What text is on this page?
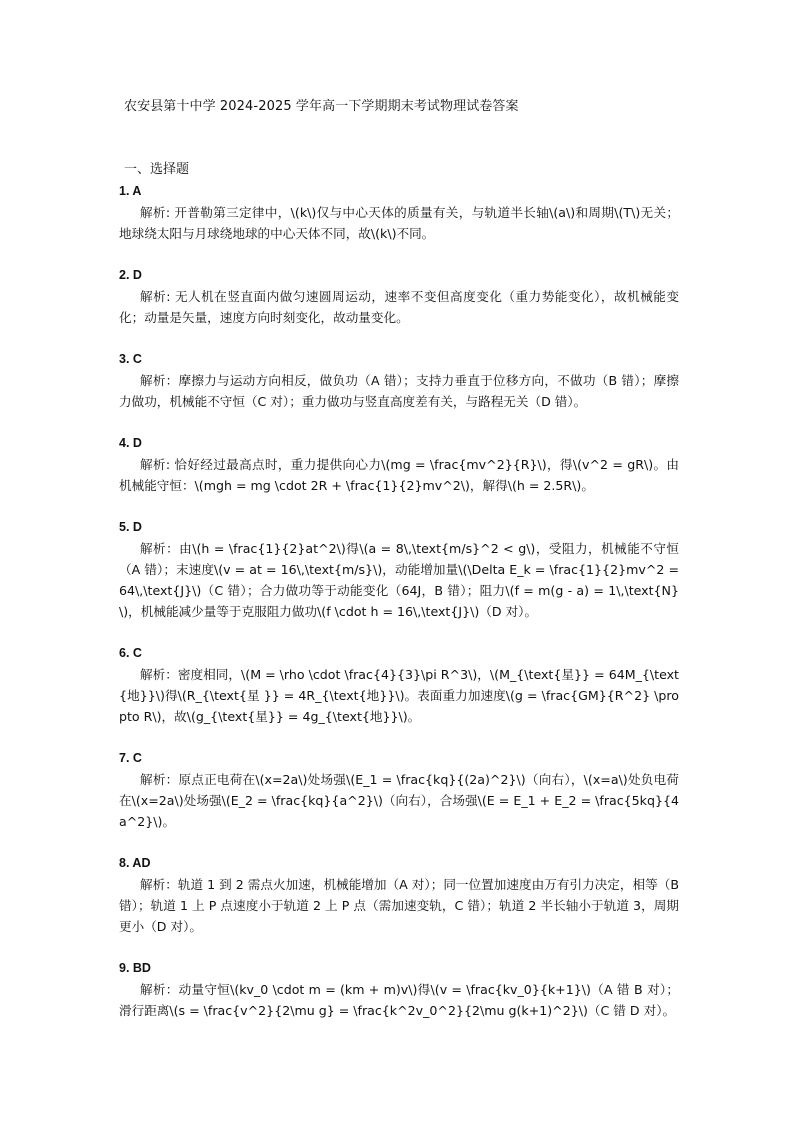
农安县第十中学 2024-2025 学年高一下学期期末考试物理试卷答案
一、选择题
1. A
解析: 开普勒第三定律中，\(k\)仅与中心天体的质量有关，与轨道半长轴\(a\)和周期\(T\)无关；地球绕太阳与月球绕地球的中心天体不同，故\(k\)不同。
2. D
解析: 无人机在竖直面内做匀速圆周运动，速率不变但高度变化（重力势能变化），故机械能变化；动量是矢量，速度方向时刻变化，故动量变化。
3. C
解析：摩擦力与运动方向相反，做负功（A 错）；支持力垂直于位移方向，不做功（B 错）；摩擦力做功，机械能不守恒（C 对）；重力做功与竖直高度差有关，与路程无关（D 错）。
4. D
解析: 恰好经过最高点时，重力提供向心力\(mg = \frac{mv^2}{R}\)，得\(v^2 = gR\)。由机械能守恒：\(mgh = mg \cdot 2R + \frac{1}{2}mv^2\)，解得\(h = 2.5R\)。
5. D
解析：由\(h = \frac{1}{2}at^2\)得\(a = 8\,\text{m/s}^2 < g\)，受阻力，机械能不守恒（A 错）；末速度\(v = at = 16\,\text{m/s}\)，动能增加量\(\Delta E_k = \frac{1}{2}mv^2 = 64\,\text{J}\)（C 错）；合力做功等于动能变化（64J，B 错）；阻力\(f = m(g - a) = 1\,\text{N}\)，机械能减少量等于克服阻力做功\(f \cdot h = 16\,\text{J}\)（D 对）。
6. C
解析：密度相同，\(M = \rho \cdot \frac{4}{3}\pi R^3\)，\(M_{\text{星}} = 64M_{\text{地}}\)得\(R_{\text{星 }} = 4R_{\text{地}}\)。表面重力加速度\(g = \frac{GM}{R^2} \propto R\)，故\(g_{\text{星}} = 4g_{\text{地}}\)。
7. C
解析：原点正电荷在\(x=2a\)处场强\(E_1 = \frac{kq}{(2a)^2}\)（向右），\(x=a\)处负电荷在\(x=2a\)处场强\(E_2 = \frac{kq}{a^2}\)（向右），合场强\(E = E_1 + E_2 = \frac{5kq}{4a^2}\)。
8. AD
解析：轨道 1 到 2 需点火加速，机械能增加（A 对）；同一位置加速度由万有引力决定，相等（B 错）；轨道 1 上 P 点速度小于轨道 2 上 P 点（需加速变轨，C 错）；轨道 2 半长轴小于轨道 3，周期更小（D 对）。
9. BD
解析：动量守恒\(kv_0 \cdot m = (km + m)v\)得\(v = \frac{kv_0}{k+1}\)（A 错 B 对）；滑行距离\(s = \frac{v^2}{2\mu g} = \frac{k^2v_0^2}{2\mu g(k+1)^2}\)（C 错 D 对）。
